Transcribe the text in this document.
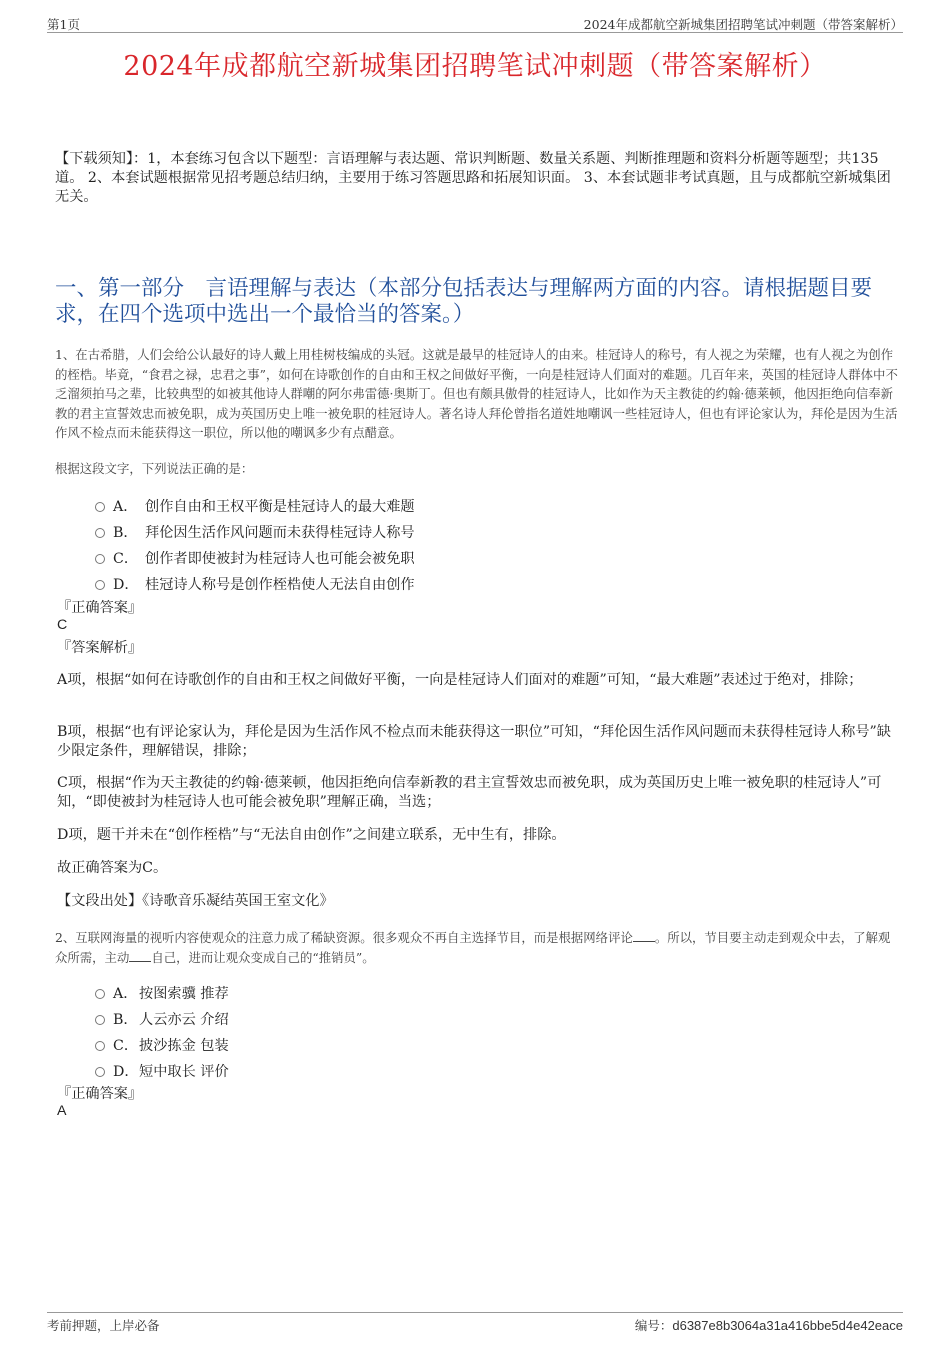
第1页	2024年成都航空新城集团招聘笔试冲刺题（带答案解析）
2024年成都航空新城集团招聘笔试冲刺题（带答案解析）
【下载须知】：1，本套练习包含以下题型：言语理解与表达题、常识判断题、数量关系题、判断推理题和资料分析题等题型；共135道。 2、本套试题根据常见招考题总结归纳，主要用于练习答题思路和拓展知识面。 3、本套试题非考试真题，且与成都航空新城集团无关。
一、第一部分　言语理解与表达（本部分包括表达与理解两方面的内容。请根据题目要求，在四个选项中选出一个最恰当的答案。）
1、在古希腊，人们会给公认最好的诗人戴上用桂树枝编成的头冠。这就是最早的桂冠诗人的由来。桂冠诗人的称号，有人视之为荣耀，也有人视之为创作的桎梏。毕竟，“食君之禄，忠君之事”，如何在诗歌创作的自由和王权之间做好平衡，一向是桂冠诗人们面对的难题。几百年来，英国的桂冠诗人群体中不乏溜须拍马之辈，比较典型的如被其他诗人群嘲的阿尔弗雷德·奥斯丁。但也有颇具傲骨的桂冠诗人，比如作为天主教徒的约翰·德莱顿，他因拒绝向信奉新教的君主宣誓效忠而被免职，成为英国历史上唯一被免职的桂冠诗人。著名诗人拜伦曾指名道姓地嘲讽一些桂冠诗人，但也有评论家认为，拜伦是因为生活作风不检点而未能获得这一职位，所以他的嘲讽多少有点醋意。
根据这段文字，下列说法正确的是：
A． 创作自由和王权平衡是桂冠诗人的最大难题
B． 拜伦因生活作风问题而未获得桂冠诗人称号
C． 创作者即使被封为桂冠诗人也可能会被免职
D． 桂冠诗人称号是创作桎梏使人无法自由创作
『正确答案』
C
『答案解析』
A项，根据“如何在诗歌创作的自由和王权之间做好平衡，一向是桂冠诗人们面对的难题”可知，“最大难题”表述过于绝对，排除；
B项，根据“也有评论家认为，拜伦是因为生活作风不检点而未能获得这一职位”可知，“拜伦因生活作风问题而未获得桂冠诗人称号”缺少限定条件，理解错误，排除；
C项，根据“作为天主教徒的约翰·德莱顿，他因拒绝向信奉新教的君主宣誓效忠而被免职，成为英国历史上唯一被免职的桂冠诗人”可知，“即使被封为桂冠诗人也可能会被免职”理解正确，当选；
D项，题干并未在“创作桎梏”与“无法自由创作”之间建立联系，无中生有，排除。
故正确答案为C。
【文段出处】《诗歌音乐凝结英国王室文化》
2、互联网海量的视听内容使观众的注意力成了稀缺资源。很多观众不再自主选择节目，而是根据网络评论 。所以，节目要主动走到观众中去，了解观众所需，主动 自己，进而让观众变成自己的“推销员”。
A． 按图索骥 推荐
B． 人云亦云 介绍
C． 披沙拣金 包装
D． 短中取长 评价
『正确答案』
A
考前押题，上岸必备	编号：d6387e8b3064a31a416bbe5d4e42eace
